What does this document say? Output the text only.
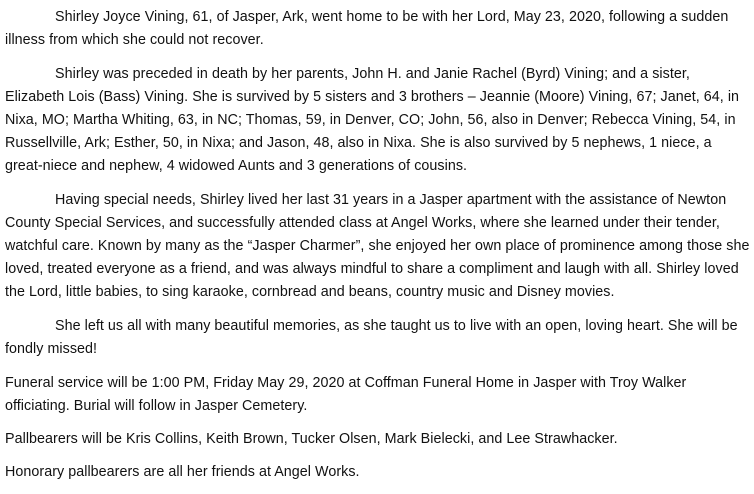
Shirley Joyce Vining, 61, of Jasper, Ark, went home to be with her Lord, May 23, 2020, following a sudden illness from which she could not recover.

Shirley was preceded in death by her parents, John H. and Janie Rachel (Byrd) Vining; and a sister, Elizabeth Lois (Bass) Vining. She is survived by 5 sisters and 3 brothers – Jeannie (Moore) Vining, 67; Janet, 64, in Nixa, MO; Martha Whiting, 63, in NC; Thomas, 59, in Denver, CO; John, 56, also in Denver; Rebecca Vining, 54, in Russellville, Ark; Esther, 50, in Nixa; and Jason, 48, also in Nixa. She is also survived by 5 nephews, 1 niece, a great-niece and nephew, 4 widowed Aunts and 3 generations of cousins.

Having special needs, Shirley lived her last 31 years in a Jasper apartment with the assistance of Newton County Special Services, and successfully attended class at Angel Works, where she learned under their tender, watchful care. Known by many as the “Jasper Charmer”, she enjoyed her own place of prominence among those she loved, treated everyone as a friend, and was always mindful to share a compliment and laugh with all. Shirley loved the Lord, little babies, to sing karaoke, cornbread and beans, country music and Disney movies.

She left us all with many beautiful memories, as she taught us to live with an open, loving heart. She will be fondly missed!

Funeral service will be 1:00 PM, Friday May 29, 2020 at Coffman Funeral Home in Jasper with Troy Walker officiating. Burial will follow in Jasper Cemetery.

Pallbearers will be Kris Collins, Keith Brown, Tucker Olsen, Mark Bielecki, and Lee Strawhacker.

Honorary pallbearers are all her friends at Angel Works.
